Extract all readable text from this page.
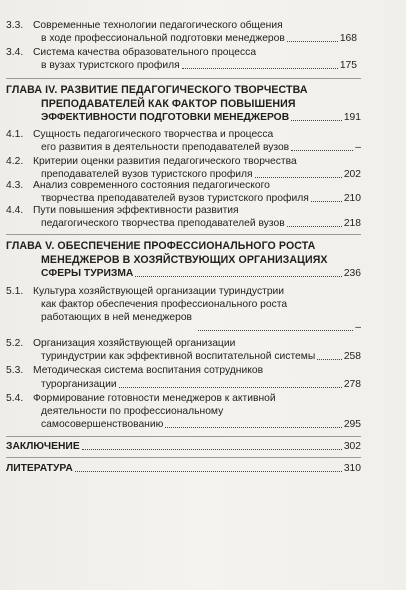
3.3. Современные технологии педагогического общения
в ходе профессиональной подготовки менеджеров	168
3.4. Система качества образовательного процесса
в вузах туристского профиля	175
ГЛАВА IV. РАЗВИТИЕ ПЕДАГОГИЧЕСКОГО ТВОРЧЕСТВА
ПРЕПОДАВАТЕЛЕЙ КАК ФАКТОР ПОВЫШЕНИЯ
ЭФФЕКТИВНОСТИ ПОДГОТОВКИ МЕНЕДЖЕРОВ	191
4.1. Сущность педагогического творчества и процесса
его развития в деятельности преподавателей вузов	–
4.2. Критерии оценки развития педагогического творчества
преподавателей вузов туристского профиля	202
4.3. Анализ современного состояния педагогического
творчества преподавателей вузов туристского профиля	210
4.4. Пути повышения эффективности развития
педагогического творчества преподавателей вузов	218
ГЛАВА V. ОБЕСПЕЧЕНИЕ ПРОФЕССИОНАЛЬНОГО РОСТА
МЕНЕДЖЕРОВ В ХОЗЯЙСТВУЮЩИХ ОРГАНИЗАЦИЯХ
СФЕРЫ ТУРИЗМА	236
5.1. Культура хозяйствующей организации туриндустрии
как фактор обеспечения профессионального роста
работающих в ней менеджеров
–
5.2. Организация хозяйствующей организации
туриндустрии как эффективной воспитательной системы	258
5.3. Методическая система воспитания сотрудников
турорганизации	278
5.4. Формирование готовности менеджеров к активной
деятельности по профессиональному
самосовершенствованию	295
ЗАКЛЮЧЕНИЕ	302
ЛИТЕРАТУРА	310
